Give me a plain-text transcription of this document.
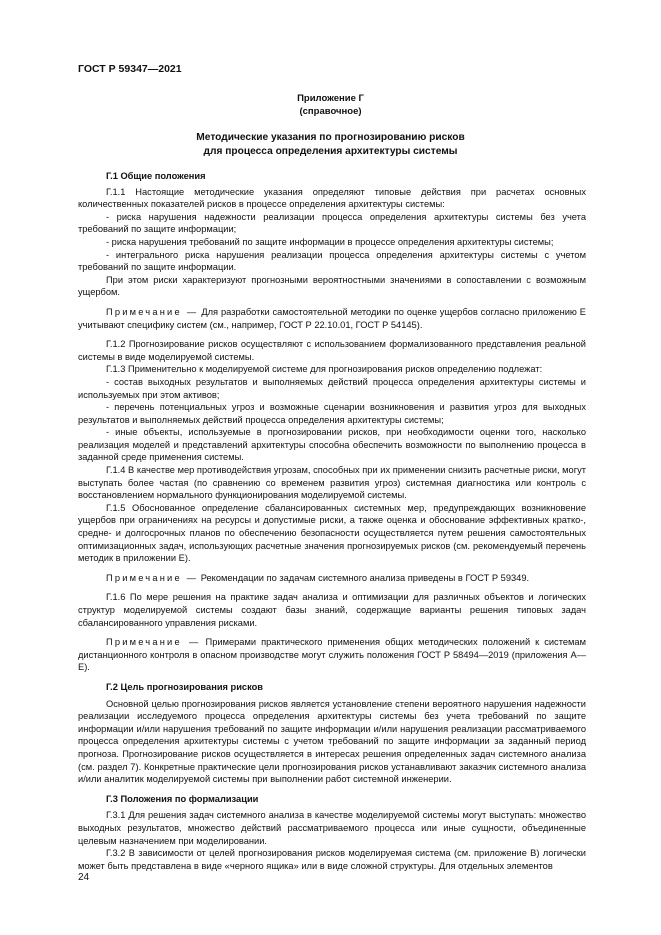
ГОСТ Р 59347—2021
Приложение Г
(справочное)
Методические указания по прогнозированию рисков
для процесса определения архитектуры системы
Г.1 Общие положения

Г.1.1 Настоящие методические указания определяют типовые действия при расчетах основных количественных показателей рисков в процессе определения архитектуры системы:

- риска нарушения надежности реализации процесса определения архитектуры системы без учета требований по защите информации;

- риска нарушения требований по защите информации в процессе определения архитектуры системы;

- интегрального риска нарушения реализации процесса определения архитектуры системы с учетом требований по защите информации.

При этом риски характеризуют прогнозными вероятностными значениями в сопоставлении с возможным ущербом.

Примечание — Для разработки самостоятельной методики по оценке ущербов согласно приложению Е учитывают специфику систем (см., например, ГОСТ Р 22.10.01, ГОСТ Р 54145).

Г.1.2 Прогнозирование рисков осуществляют с использованием формализованного представления реальной системы в виде моделируемой системы.

Г.1.3 Применительно к моделируемой системе для прогнозирования рисков определению подлежат:

- состав выходных результатов и выполняемых действий процесса определения архитектуры системы и используемых при этом активов;

- перечень потенциальных угроз и возможные сценарии возникновения и развития угроз для выходных результатов и выполняемых действий процесса определения архитектуры системы;

- иные объекты, используемые в прогнозировании рисков, при необходимости оценки того, насколько реализация моделей и представлений архитектуры способна обеспечить возможности по выполнению процесса в заданной среде применения системы.

Г.1.4 В качестве мер противодействия угрозам, способных при их применении снизить расчетные риски, могут выступать более частая (по сравнению со временем развития угроз) системная диагностика или контроль с восстановлением нормального функционирования моделируемой системы.

Г.1.5 Обоснованное определение сбалансированных системных мер, предупреждающих возникновение ущербов при ограничениях на ресурсы и допустимые риски, а также оценка и обоснование эффективных кратко-, средне- и долгосрочных планов по обеспечению безопасности осуществляется путем решения самостоятельных оптимизационных задач, использующих расчетные значения прогнозируемых рисков (см. рекомендуемый перечень методик в приложении Е).

Примечание — Рекомендации по задачам системного анализа приведены в ГОСТ Р 59349.

Г.1.6 По мере решения на практике задач анализа и оптимизации для различных объектов и логических структур моделируемой системы создают базы знаний, содержащие варианты решения типовых задач сбалансированного управления рисками.

Примечание — Примерами практического применения общих методических положений к системам дистанционного контроля в опасном производстве могут служить положения ГОСТ Р 58494—2019 (приложения А—Е).

Г.2 Цель прогнозирования рисков

Основной целью прогнозирования рисков является установление степени вероятного нарушения надежности реализации исследуемого процесса определения архитектуры системы без учета требований по защите информации и/или нарушения требований по защите информации и/или нарушения реализации рассматриваемого процесса определения архитектуры системы с учетом требований по защите информации за заданный период прогноза. Прогнозирование рисков осуществляется в интересах решения определенных задач системного анализа (см. раздел 7). Конкретные практические цели прогнозирования рисков устанавливают заказчик системного анализа и/или аналитик моделируемой системы при выполнении работ системной инженерии.

Г.3 Положения по формализации

Г.3.1 Для решения задач системного анализа в качестве моделируемой системы могут выступать: множество выходных результатов, множество действий рассматриваемого процесса или иные сущности, объединенные целевым назначением при моделировании.

Г.3.2 В зависимости от целей прогнозирования рисков моделируемая система (см. приложение В) логически может быть представлена в виде «черного ящика» или в виде сложной структуры. Для отдельных элементов

24
